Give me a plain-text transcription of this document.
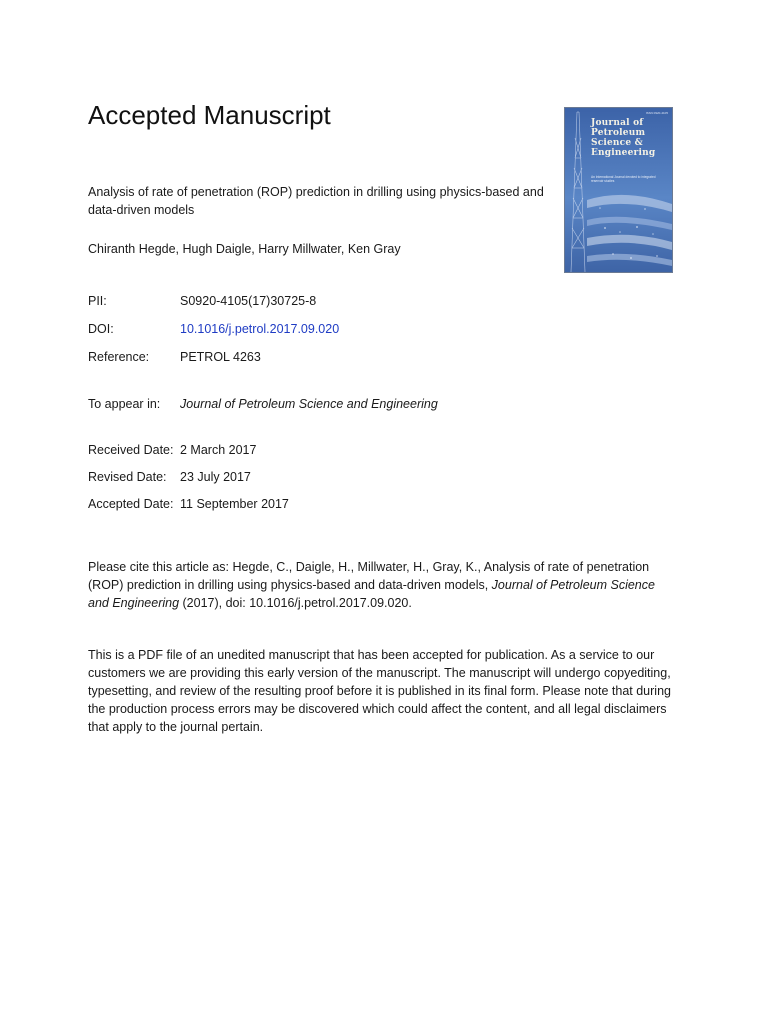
Accepted Manuscript	ISSN 0920-4105
Journal of
Petroleum
Science &
Engineering
An International Journal devoted to integrated reservoir studies

Analysis of rate of penetration (ROP) prediction in drilling using physics-based and data-driven models

Chiranth Hegde, Hugh Daigle, Harry Millwater, Ken Gray
PII:	S0920-4105(17)30725-8
DOI:	10.1016/j.petrol.2017.09.020
Reference: PETROL 4263
To appear in: Journal of Petroleum Science and Engineering
Received Date: 2 March 2017
Revised Date: 23 July 2017
Accepted Date: 11 September 2017

Please cite this article as: Hegde, C., Daigle, H., Millwater, H., Gray, K., Analysis of rate of penetration (ROP) prediction in drilling using physics-based and data-driven models, Journal of Petroleum Science and Engineering (2017), doi: 10.1016/j.petrol.2017.09.020.

This is a PDF file of an unedited manuscript that has been accepted for publication. As a service to our customers we are providing this early version of the manuscript. The manuscript will undergo copyediting, typesetting, and review of the resulting proof before it is published in its final form. Please note that during the production process errors may be discovered which could affect the content, and all legal disclaimers that apply to the journal pertain.
